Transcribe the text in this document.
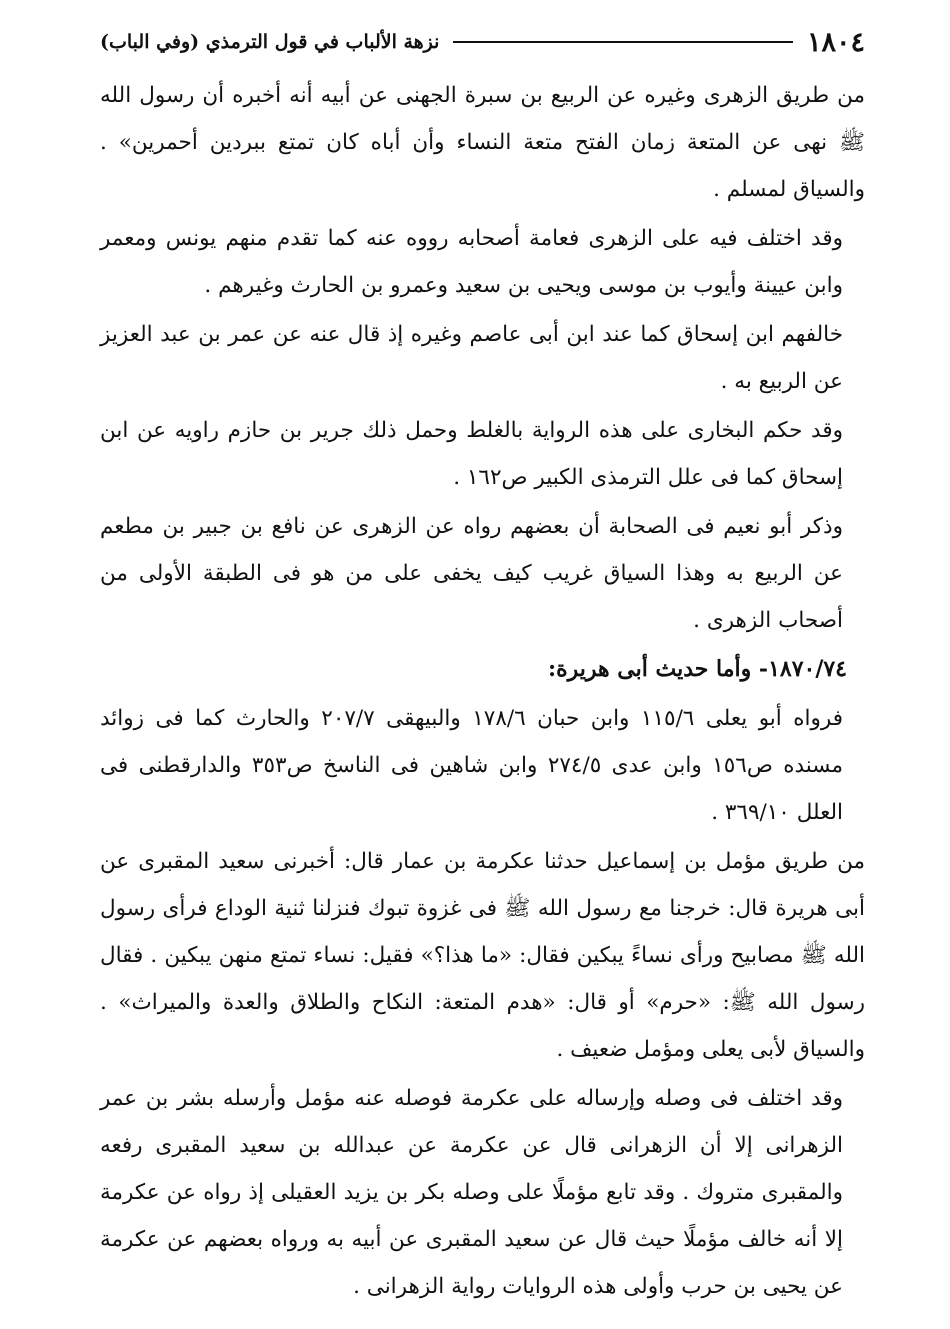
١٨٠٤
نزهة الألباب في قول الترمذي (وفي الباب)

من طريق الزهرى وغيره عن الربيع بن سبرة الجهنى عن أبيه أنه أخبره أن رسول الله ﷺ نهى عن المتعة زمان الفتح متعة النساء وأن أباه كان تمتع ببردين أحمرين» . والسياق لمسلم .

وقد اختلف فيه على الزهرى فعامة أصحابه رووه عنه كما تقدم منهم يونس ومعمر وابن عيينة وأيوب بن موسى ويحيى بن سعيد وعمرو بن الحارث وغيرهم .

خالفهم ابن إسحاق كما عند ابن أبى عاصم وغيره إذ قال عنه عن عمر بن عبد العزيز عن الربيع به .

وقد حكم البخارى على هذه الرواية بالغلط وحمل ذلك جرير بن حازم راويه عن ابن إسحاق كما فى علل الترمذى الكبير ص١٦٢ .

وذكر أبو نعيم فى الصحابة أن بعضهم رواه عن الزهرى عن نافع بن جبير بن مطعم عن الربيع به وهذا السياق غريب كيف يخفى على من هو فى الطبقة الأولى من أصحاب الزهرى .

١٨٧٠/٧٤- وأما حديث أبى هريرة:

فرواه أبو يعلى ١١٥/٦ وابن حبان ١٧٨/٦ والبيهقى ٢٠٧/٧ والحارث كما فى زوائد مسنده ص١٥٦ وابن عدى ٢٧٤/٥ وابن شاهين فى الناسخ ص٣٥٣ والدارقطنى فى العلل ٣٦٩/١٠ .

من طريق مؤمل بن إسماعيل حدثنا عكرمة بن عمار قال: أخبرنى سعيد المقبرى عن أبى هريرة قال: خرجنا مع رسول الله ﷺ فى غزوة تبوك فنزلنا ثنية الوداع فرأى رسول الله ﷺ مصابيح ورأى نساءً يبكين فقال: «ما هذا؟» فقيل: نساء تمتع منهن يبكين . فقال رسول الله ﷺ: «حرم» أو قال: «هدم المتعة: النكاح والطلاق والعدة والميراث» . والسياق لأبى يعلى ومؤمل ضعيف .

وقد اختلف فى وصله وإرساله على عكرمة فوصله عنه مؤمل وأرسله بشر بن عمر الزهرانى إلا أن الزهرانى قال عن عكرمة عن عبدالله بن سعيد المقبرى رفعه والمقبرى متروك . وقد تابع مؤملًا على وصله بكر بن يزيد العقيلى إذ رواه عن عكرمة إلا أنه خالف مؤملًا حيث قال عن سعيد المقبرى عن أبيه به ورواه بعضهم عن عكرمة عن يحيى بن حرب وأولى هذه الروايات رواية الزهرانى .
